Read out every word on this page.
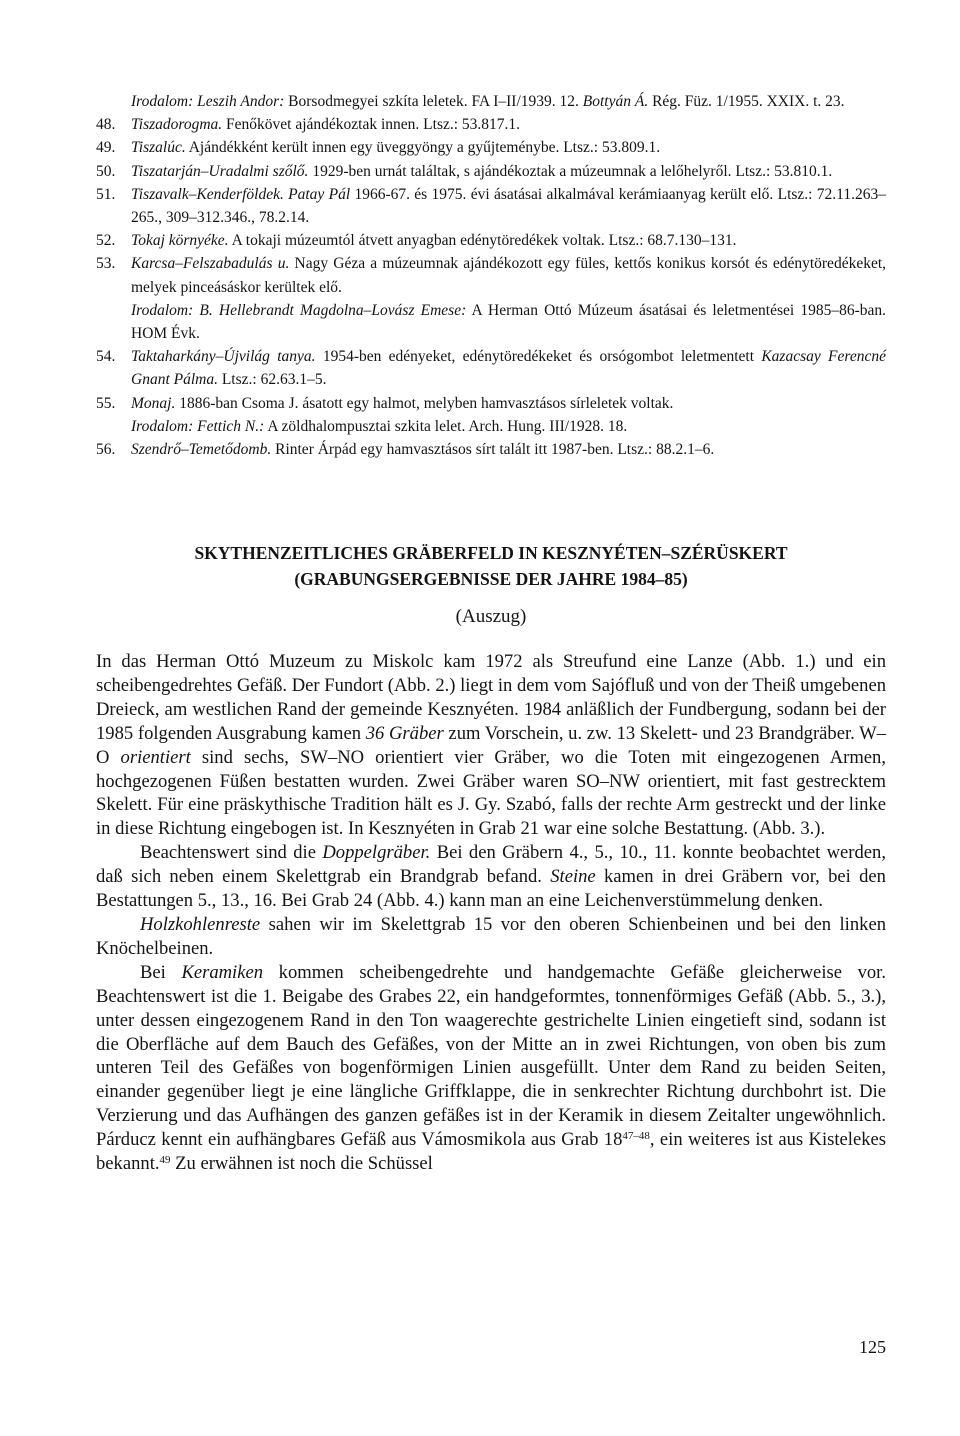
Irodalom: Leszih Andor: Borsodmegyei szkíta leletek. FA I–II/1939. 12. Bottyán Á. Rég. Füz. 1/1955. XXIX. t. 23.
48.	Tiszadorogma. Fenőkövet ajándékoztak innen. Ltsz.: 53.817.1.
49.	Tiszalúc. Ajándékként került innen egy üveggyöngy a gyűjteménybe. Ltsz.: 53.809.1.
50.	Tiszatarján–Uradalmi szőlő. 1929-ben urnát találtak, s ajándékoztak a múzeumnak a lelőhelyről. Ltsz.: 53.810.1.
51.	Tiszavalk–Kenderföldek. Patay Pál 1966-67. és 1975. évi ásatásai alkalmával kerámiaanyag került elő. Ltsz.: 72.11.263–265., 309–312.346., 78.2.14.
52.	Tokaj környéke. A tokaji múzeumtól átvett anyagban edénytöredékek voltak. Ltsz.: 68.7.130–131.
53.	Karcsa–Felszabadulás u. Nagy Géza a múzeumnak ajándékozott egy füles, kettős konikus korsót és edénytöredékeket, melyek pinceásáskor kerültek elő.
Irodalom: B. Hellebrandt Magdolna–Lovász Emese: A Herman Ottó Múzeum ásatásai és leletmentései 1985–86-ban. HOM Évk.
54.	Taktaharkány–Újvilág tanya. 1954-ben edényeket, edénytöredékeket és orsógombot leletmentett Kazacsay Ferencné Gnant Pálma. Ltsz.: 62.63.1–5.
55.	Monaj. 1886-ban Csoma J. ásatott egy halmot, melyben hamvasztásos sírleletek voltak.
Irodalom: Fettich N.: A zöldhalompusztai szkita lelet. Arch. Hung. III/1928. 18.
56.	Szendrő–Temetődomb. Rinter Árpád egy hamvasztásos sírt talált itt 1987-ben. Ltsz.: 88.2.1–6.
SKYTHENZEITLICHES GRÄBERFELD IN KESZNYÉTEN–SZÉRÜSKERT
(GRABUNGSERGEBNISSE DER JAHRE 1984–85)
(Auszug)

In das Herman Ottó Muzeum zu Miskolc kam 1972 als Streufund eine Lanze (Abb. 1.) und ein scheibengedrehtes Gefäß. Der Fundort (Abb. 2.) liegt in dem vom Sajófluß und von der Theiß umgebenen Dreieck, am westlichen Rand der gemeinde Kesznyéten. 1984 anläßlich der Fundbergung, sodann bei der 1985 folgenden Ausgrabung kamen 36 Gräber zum Vorschein, u. zw. 13 Skelett- und 23 Brandgräber. W–O orientiert sind sechs, SW–NO orientiert vier Gräber, wo die Toten mit eingezogenen Armen, hochgezogenen Füßen bestatten wurden. Zwei Gräber waren SO–NW orientiert, mit fast gestrecktem Skelett. Für eine präskythische Tradition hält es J. Gy. Szabó, falls der rechte Arm gestreckt und der linke in diese Richtung eingebogen ist. In Kesznyéten in Grab 21 war eine solche Bestattung. (Abb. 3.).

Beachtenswert sind die Doppelgräber. Bei den Gräbern 4., 5., 10., 11. konnte beobachtet werden, daß sich neben einem Skelettgrab ein Brandgrab befand. Steine kamen in drei Gräbern vor, bei den Bestattungen 5., 13., 16. Bei Grab 24 (Abb. 4.) kann man an eine Leichenverstümmelung denken.

Holzkohlenreste sahen wir im Skelettgrab 15 vor den oberen Schienbeinen und bei den linken Knöchelbeinen.

Bei Keramiken kommen scheibengedrehte und handgemachte Gefäße gleicherweise vor. Beachtenswert ist die 1. Beigabe des Grabes 22, ein handgeformtes, tonnenförmiges Gefäß (Abb. 5., 3.), unter dessen eingezogenem Rand in den Ton waagerechte gestrichelte Linien eingetieft sind, sodann ist die Oberfläche auf dem Bauch des Gefäßes, von der Mitte an in zwei Richtungen, von oben bis zum unteren Teil des Gefäßes von bogenförmigen Linien ausgefüllt. Unter dem Rand zu beiden Seiten, einander gegenüber liegt je eine längliche Griffklappe, die in senkrechter Richtung durchbohrt ist. Die Verzierung und das Aufhängen des ganzen gefäßes ist in der Keramik in diesem Zeitalter ungewöhnlich. Párducz kennt ein aufhängbares Gefäß aus Vámosmikola aus Grab 18$^{47-48}$, ein weiteres ist aus Kistelekes bekannt.$^{49}$ Zu erwähnen ist noch die Schüssel

125
